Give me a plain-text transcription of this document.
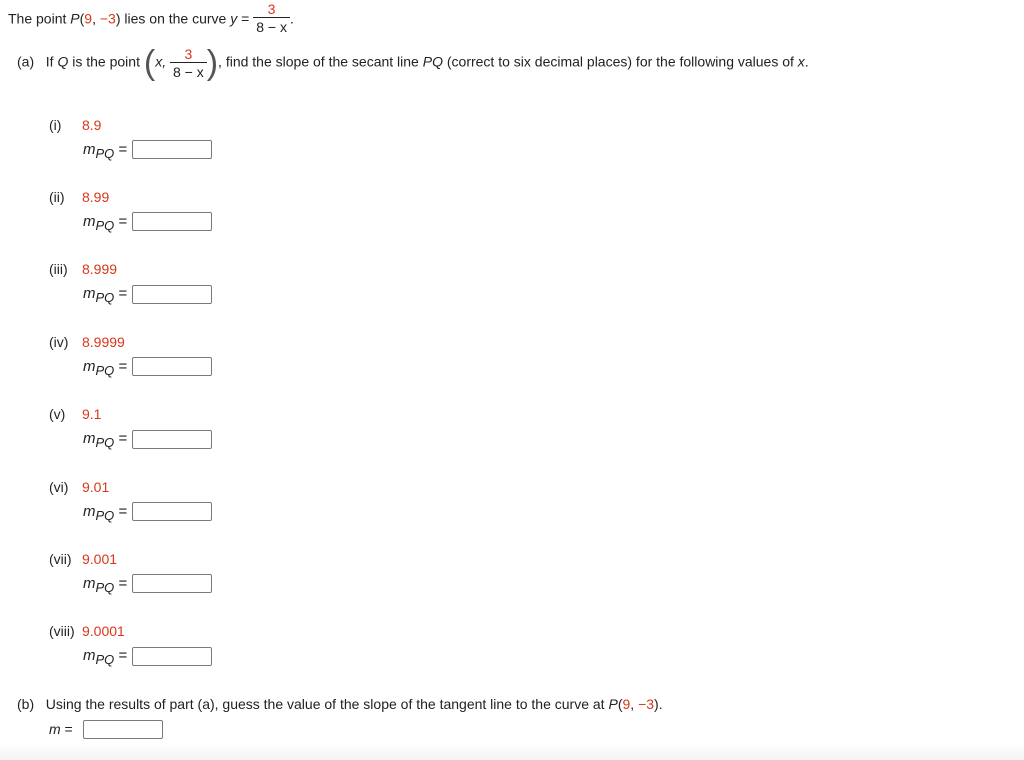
The point P(9, −3) lies on the curve $y = \frac{3}{8 - x}$ .
(a) If Q is the point (x, $\frac{3}{8 - x}$ ), find the slope of the secant line PQ (correct to six decimal places) for the following values of x.
(i) 8.9
mPQ =
(ii) 8.99
mPQ =
(iii) 8.999
mPQ =
(iv) 8.9999
mPQ =
(v) 9.1
mPQ =
(vi) 9.01
mPQ =
(vii) 9.001
mPQ =
(viii) 9.0001
mPQ =
(b) Using the results of part (a), guess the value of the slope of the tangent line to the curve at P(9, −3).
m =
